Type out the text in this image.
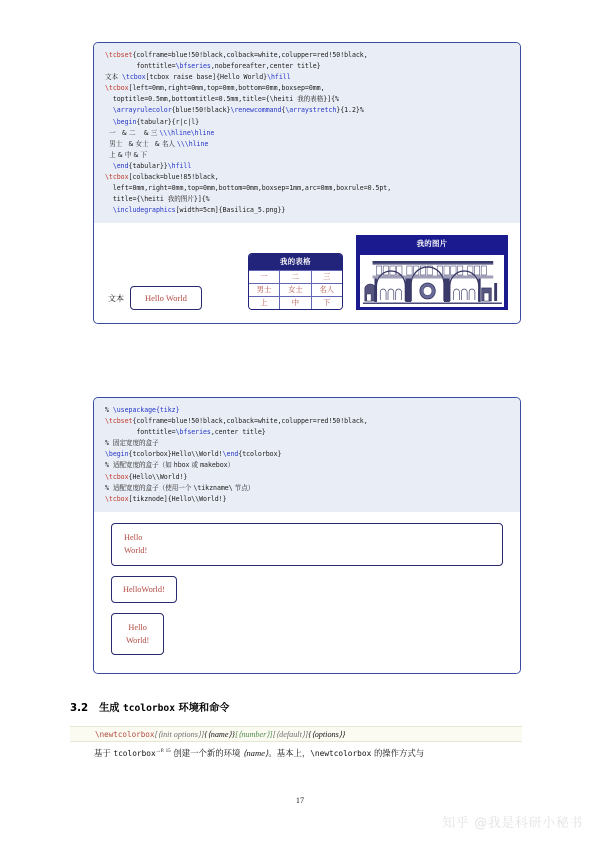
\tcbset{colframe=blue!50!black,colback=white,colupper=red!50!black,
fonttitle=\bfseries,nobeforeafter,center title}
文本 \tcbox[tcbox raise base]{Hello World}\hfill
\tcbox[left=0mm,right=0mm,top=0mm,bottom=0mm,boxsep=0mm,
toptitle=0.5mm,bottomtitle=0.5mm,title={\heiti 我的表格}]{%
\arrayrulecolor{blue!50!black}\renewcommand{\arraystretch}{1.2}%
\begin{tabular}{r|c|l}
一   & 二    & 三 \\\hline\hline
男士   & 女士   & 名人 \\\hline
上 & 中 & 下
\end{tabular}}\hfill
\tcbox[colback=blue!85!black,
left=0mm,right=0mm,top=0mm,bottom=0mm,boxsep=1mm,arc=0mm,boxrule=0.5pt,
title={\heiti 我的图片}]{%
\includegraphics[width=5cm]{Basilica_5.png}}
文本	Hello World
我的表格
一	二	三
男士	女士	名人
上	中	下
我的图片
% \usepackage{tikz}
\tcbset{colframe=blue!50!black,colback=white,colupper=red!50!black,
fonttitle=\bfseries,center title}
% 固定宽度的盒子
\begin{tcolorbox}Hello\\World!\end{tcolorbox}
% 适配宽度的盒子（如 hbox 或 makebox）
\tcbox{Hello\\World!}
% 适配宽度的盒子（使用一个 \tikzname\ 节点）
\tcbox[tikznode]{Hello\\World!}
Hello
World!
HelloWorld!
Hello
World!
3.2 生成
tcolorbox
环境和命令
\newtcolorbox[⟨init options⟩]{⟨name⟩}[⟨number⟩][⟨default⟩]{⟨options⟩}
基于 tcolorbox$^{\to P. 15}$ 创建一个新的环境 ⟨name⟩。基本上，\newtcolorbox 的操作方式与
17
知乎 @我是科研小秘书
